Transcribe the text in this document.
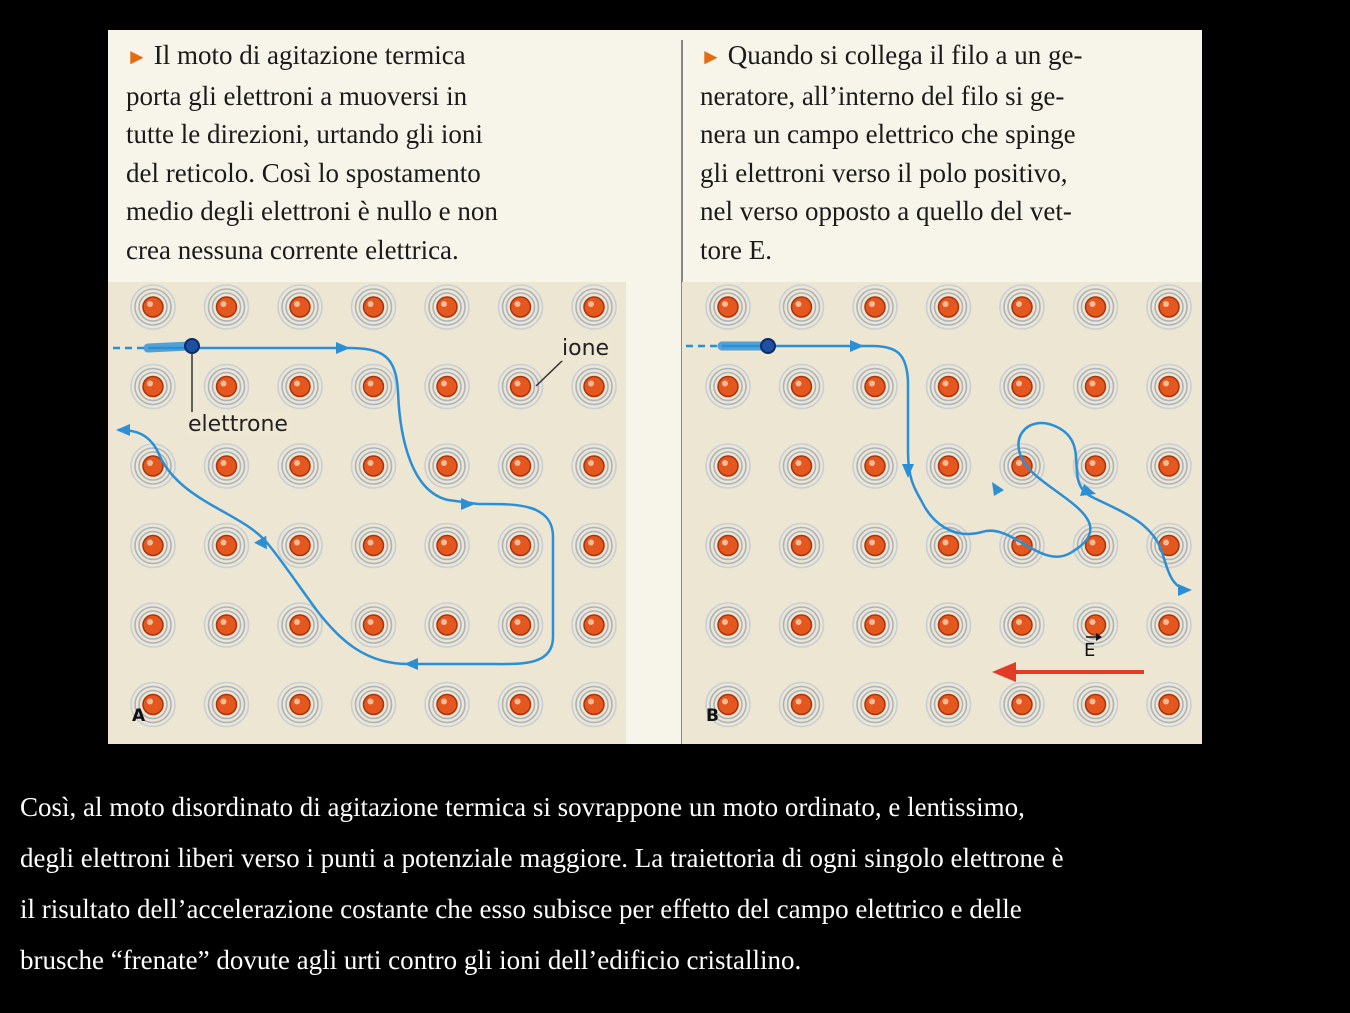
► Il moto di agitazione termica
porta gli elettroni a muoversi in
tutte le direzioni, urtando gli ioni
del reticolo. Così lo spostamento
medio degli elettroni è nullo e non
crea nessuna corrente elettrica.
► Quando si collega il filo a un ge-
neratore, all’interno del filo si ge-
nera un campo elettrico che spinge
gli elettroni verso il polo positivo,
nel verso opposto a quello del vet-
tore E.
ione
elettrone
A
E
B
Così, al moto disordinato di agitazione termica si sovrappone un moto ordinato, e lentissimo,
degli elettroni liberi verso i punti a potenziale maggiore. La traiettoria di ogni singolo elettrone è
il risultato dell’accelerazione costante che esso subisce per effetto del campo elettrico e delle
brusche “frenate” dovute agli urti contro gli ioni dell’edificio cristallino.
